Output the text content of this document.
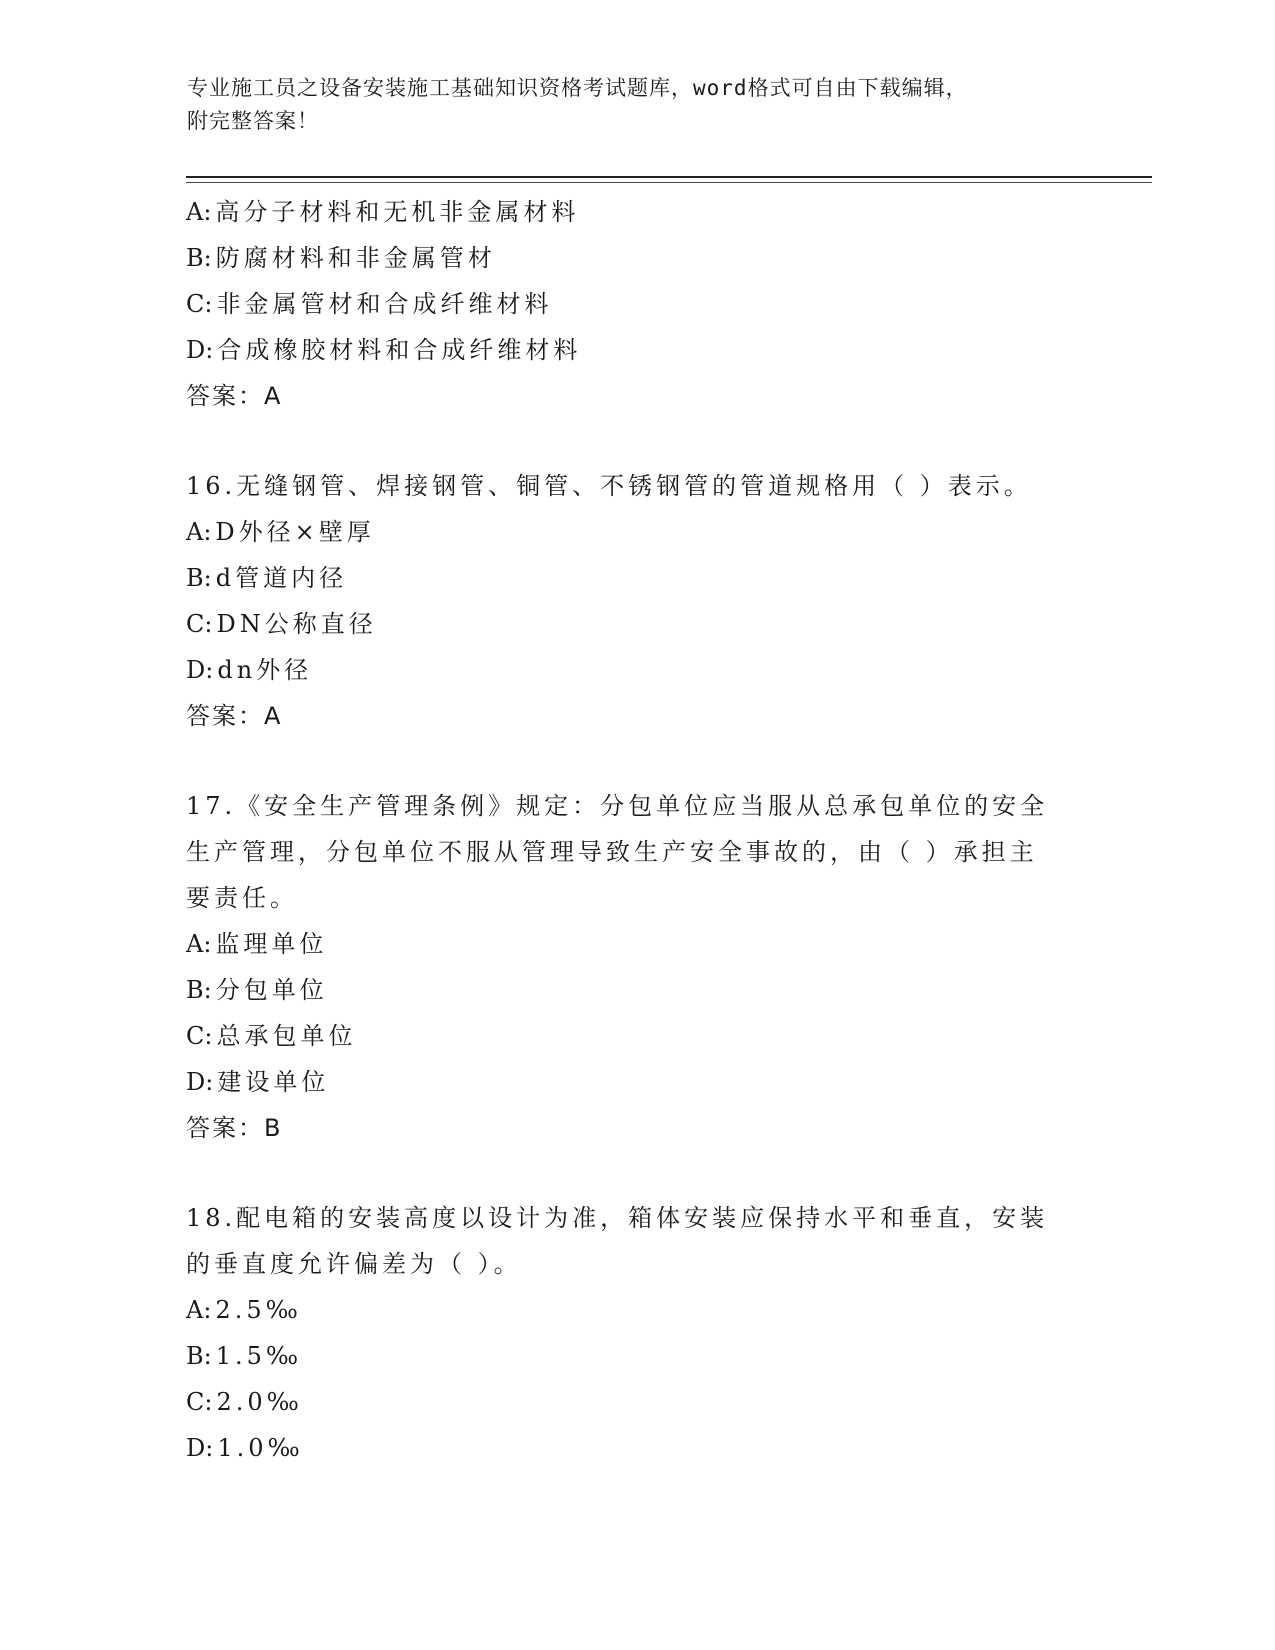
专业施工员之设备安装施工基础知识资格考试题库，word格式可自由下载编辑，
附完整答案！

A: 高分子材料和无机非金属材料

B: 防腐材料和非金属管材

C: 非金属管材和合成纤维材料

D: 合成橡胶材料和合成纤维材料

答案：A

16.无缝钢管、焊接钢管、铜管、不锈钢管的管道规格用（ ）表示。

A: D外径×壁厚

B: d管道内径

C: DN公称直径

D: dn外径

答案：A

17.《安全生产管理条例》规定：分包单位应当服从总承包单位的安全

生产管理，分包单位不服从管理导致生产安全事故的，由（ ）承担主

要责任。

A: 监理单位

B: 分包单位

C: 总承包单位

D: 建设单位

答案：B

18.配电箱的安装高度以设计为准，箱体安装应保持水平和垂直，安装

的垂直度允许偏差为（ ）。

A: 2.5‰

B: 1.5‰

C: 2.0‰

D: 1.0‰
